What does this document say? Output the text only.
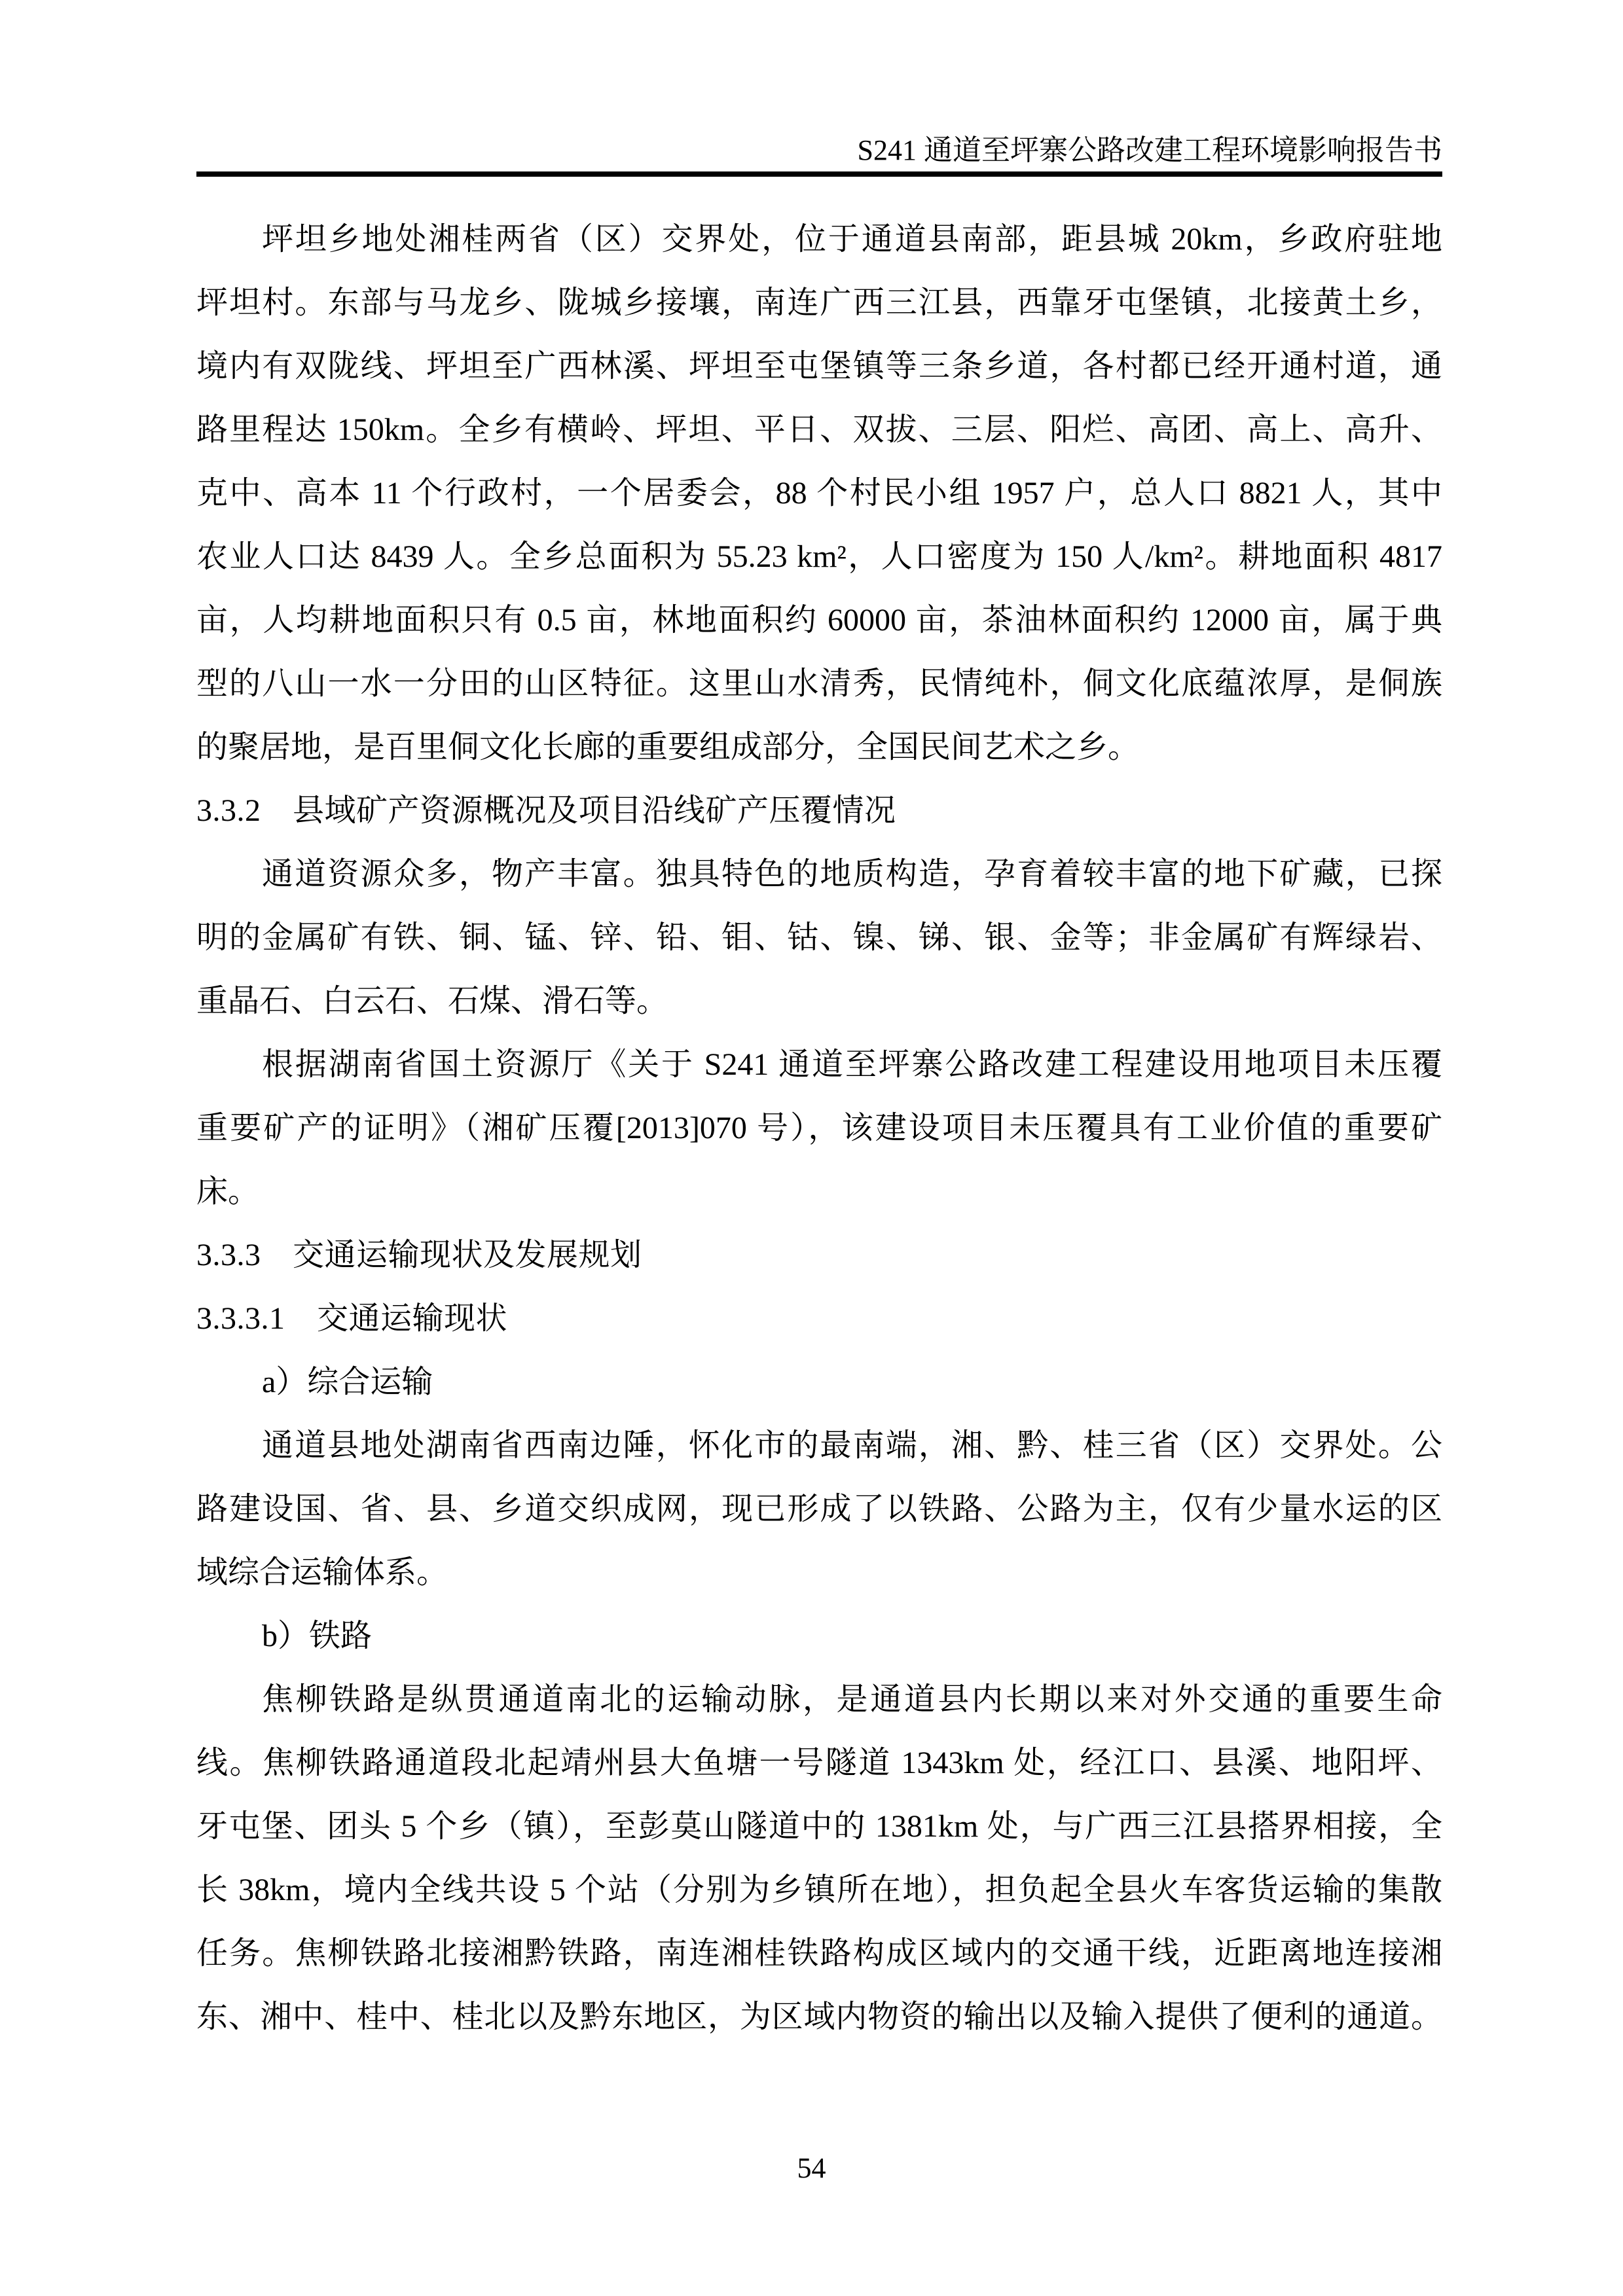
S241 通道至坪寨公路改建工程环境影响报告书
坪坦乡地处湘桂两省（区）交界处，位于通道县南部，距县城 20km，乡政府驻地
坪坦村。东部与马龙乡、陇城乡接壤，南连广西三江县，西靠牙屯堡镇，北接黄土乡，
境内有双陇线、坪坦至广西林溪、坪坦至屯堡镇等三条乡道，各村都已经开通村道，通
路里程达 150km。全乡有横岭、坪坦、平日、双拔、三层、阳烂、高团、高上、高升、
克中、高本 11 个行政村，一个居委会，88 个村民小组 1957 户，总人口 8821 人，其中
农业人口达 8439 人。全乡总面积为 55.23 km²，人口密度为 150 人/km²。耕地面积 4817
亩，人均耕地面积只有 0.5 亩，林地面积约 60000 亩，茶油林面积约 12000 亩，属于典
型的八山一水一分田的山区特征。这里山水清秀，民情纯朴，侗文化底蕴浓厚，是侗族
的聚居地，是百里侗文化长廊的重要组成部分，全国民间艺术之乡。
3.3.2　县域矿产资源概况及项目沿线矿产压覆情况
通道资源众多，物产丰富。独具特色的地质构造，孕育着较丰富的地下矿藏，已探
明的金属矿有铁、铜、锰、锌、铅、钼、钴、镍、锑、银、金等；非金属矿有辉绿岩、
重晶石、白云石、石煤、滑石等。
根据湖南省国土资源厅《关于 S241 通道至坪寨公路改建工程建设用地项目未压覆
重要矿产的证明》（湘矿压覆[2013]070 号），该建设项目未压覆具有工业价值的重要矿
床。
3.3.3　交通运输现状及发展规划
3.3.3.1　交通运输现状
a）综合运输
通道县地处湖南省西南边陲，怀化市的最南端，湘、黔、桂三省（区）交界处。公
路建设国、省、县、乡道交织成网，现已形成了以铁路、公路为主，仅有少量水运的区
域综合运输体系。
b）铁路
焦柳铁路是纵贯通道南北的运输动脉，是通道县内长期以来对外交通的重要生命
线。焦柳铁路通道段北起靖州县大鱼塘一号隧道 1343km 处，经江口、县溪、地阳坪、
牙屯堡、团头 5 个乡（镇），至彭莫山隧道中的 1381km 处，与广西三江县搭界相接，全
长 38km，境内全线共设 5 个站（分别为乡镇所在地），担负起全县火车客货运输的集散
任务。焦柳铁路北接湘黔铁路，南连湘桂铁路构成区域内的交通干线，近距离地连接湘
东、湘中、桂中、桂北以及黔东地区，为区域内物资的输出以及输入提供了便利的通道。
54
